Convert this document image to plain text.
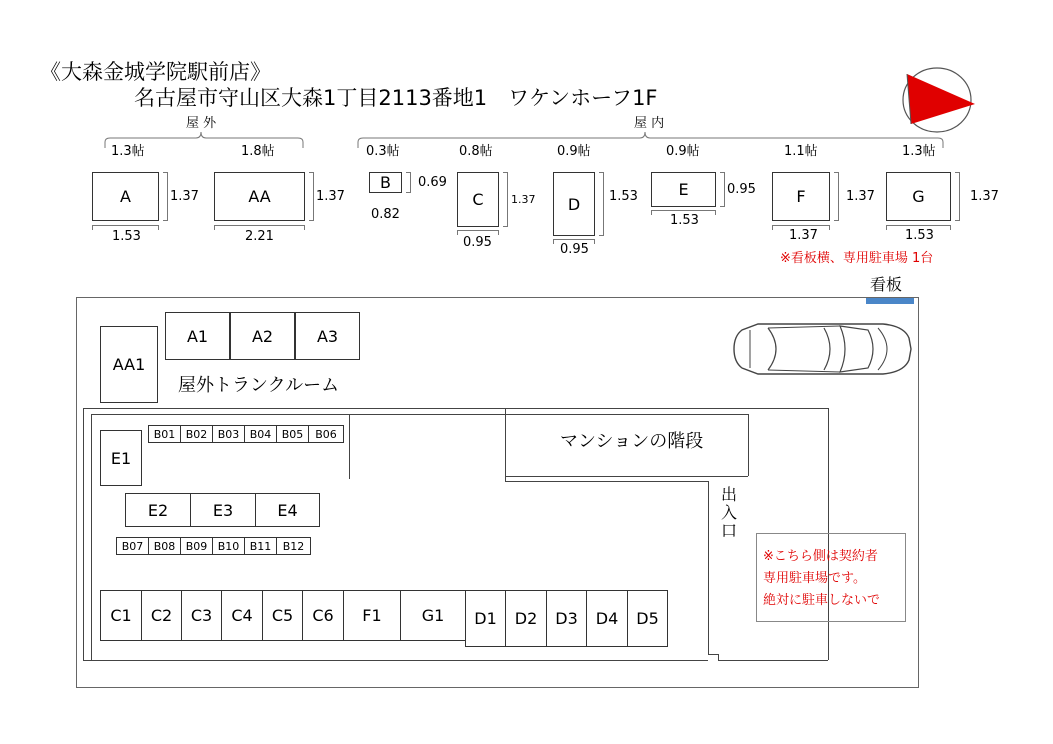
《大森金城学院駅前店》
名古屋市守山区大森1丁目2113番地1　ワケンホーフ1F
屋 外	屋 内
1.3帖	1.8帖	0.3帖	0.8帖	0.9帖	0.9帖	1.1帖	1.3帖
A
1.53
1.37	AA
2.21
1.37
B 0.69
0.82
C
0.95
1.37 D
0.95
1.53	E
1.53
0.95	F
1.37
1.37 G
1.53
1.37
※看板横、専用駐車場 1台
看板
AA1
A1	A2	A3
屋外トランクルーム
マンションの階段
出
入
口
※こちら側は契約者
専用駐車場です。
絶対に駐車しないで
E1
B01 B02 B03 B04 B05 B06
E2	E3	E4
B07 B08 B09 B10 B11 B12
C1 C2 C3 C4 C5 C6 F1	G1 D1 D2 D3 D4 D5
